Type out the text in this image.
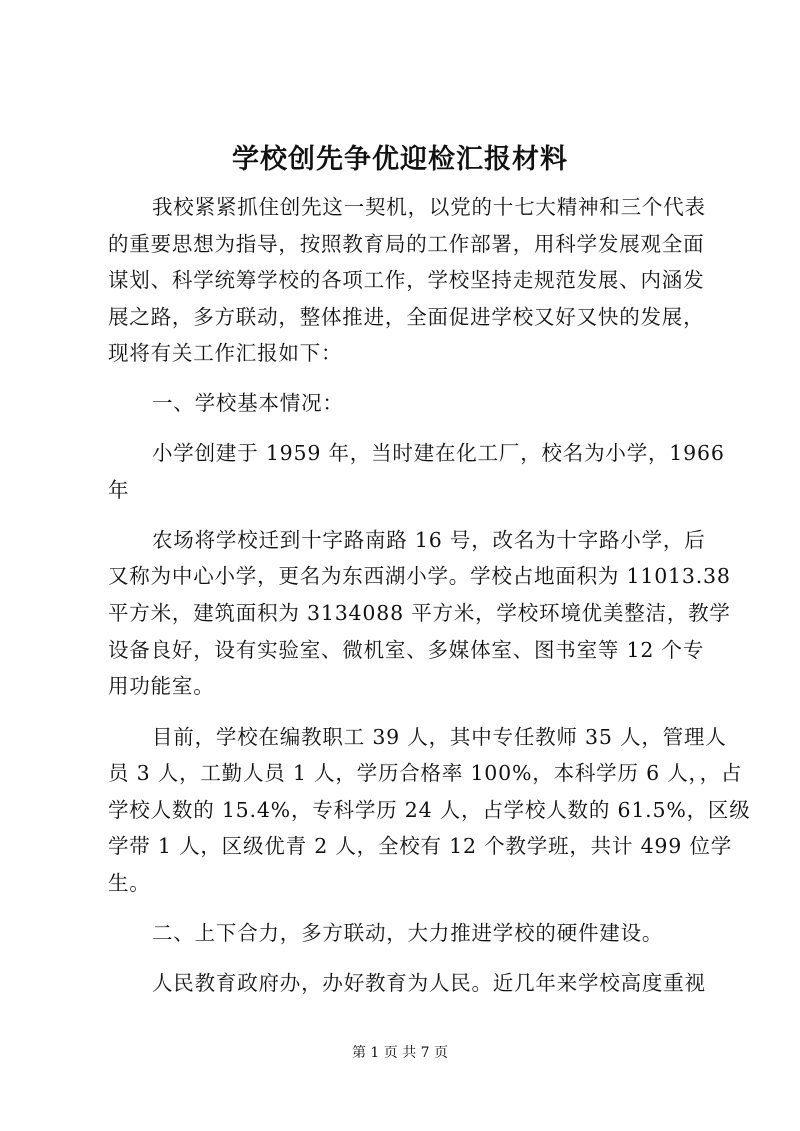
学校创先争优迎检汇报材料
我校紧紧抓住创先这一契机，以党的十七大精神和三个代表
的重要思想为指导，按照教育局的工作部署，用科学发展观全面
谋划、科学统筹学校的各项工作，学校坚持走规范发展、内涵发
展之路，多方联动，整体推进，全面促进学校又好又快的发展，
现将有关工作汇报如下：
一、学校基本情况：
小学创建于 1959 年，当时建在化工厂，校名为小学，1966
年
农场将学校迁到十字路南路 16 号，改名为十字路小学，后
又称为中心小学，更名为东西湖小学。学校占地面积为 11013.38
平方米，建筑面积为 3134088 平方米，学校环境优美整洁，教学
设备良好，设有实验室、微机室、多媒体室、图书室等 12 个专
用功能室。
目前，学校在编教职工 39 人，其中专任教师 35 人，管理人
员 3 人，工勤人员 1 人，学历合格率 100%，本科学历 6 人，，占
学校人数的 15.4%，专科学历 24 人，占学校人数的 61.5%，区级
学带 1 人，区级优青 2 人，全校有 12 个教学班，共计 499 位学
生。
二、上下合力，多方联动，大力推进学校的硬件建设。
人民教育政府办，办好教育为人民。近几年来学校高度重视
第 1 页 共 7 页
